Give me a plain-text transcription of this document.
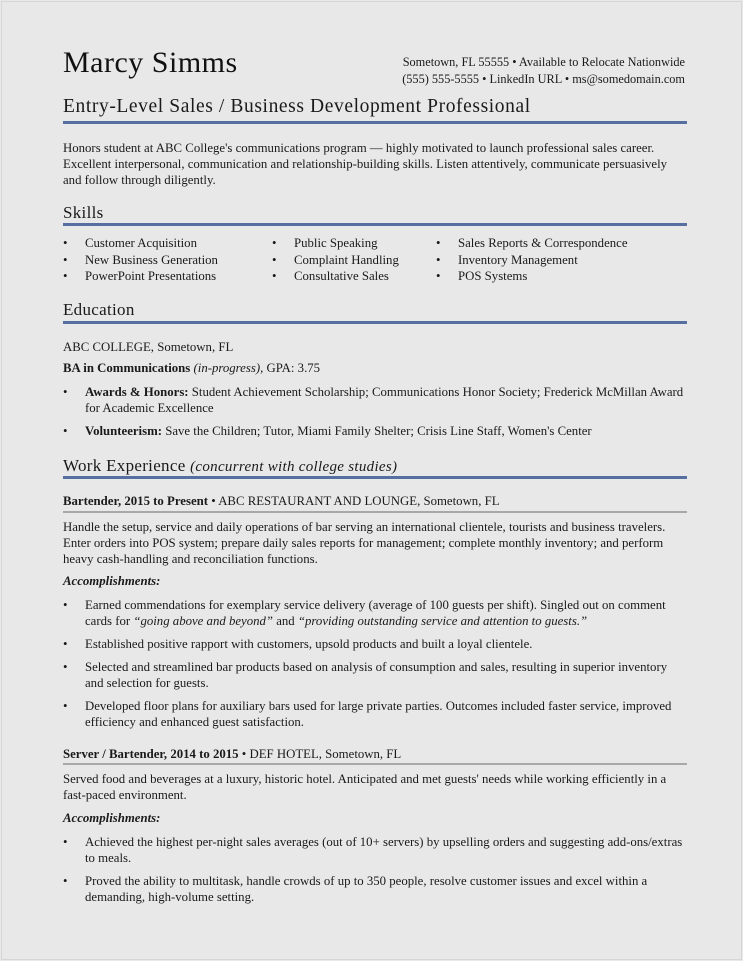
Marcy Simms	Sometown, FL 55555 • Available to Relocate Nationwide
(555) 555-5555 • LinkedIn URL • ms@somedomain.com
Entry-Level Sales / Business Development Professional
Honors student at ABC College's communications program — highly motivated to launch professional sales career. Excellent interpersonal, communication and relationship-building skills. Listen attentively, communicate persuasively and follow through diligently.
Skills
• Customer Acquisition
• New Business Generation
• PowerPoint Presentations
• Public Speaking
• Complaint Handling
• Consultative Sales
• Sales Reports & Correspondence
• Inventory Management
• POS Systems
Education
ABC COLLEGE, Sometown, FL
BA in Communications (in-progress), GPA: 3.75
• Awards & Honors: Student Achievement Scholarship; Communications Honor Society; Frederick McMillan Award for Academic Excellence
• Volunteerism: Save the Children; Tutor, Miami Family Shelter; Crisis Line Staff, Women's Center
Work Experience (concurrent with college studies)
Bartender, 2015 to Present • ABC RESTAURANT AND LOUNGE, Sometown, FL
Handle the setup, service and daily operations of bar serving an international clientele, tourists and business travelers. Enter orders into POS system; prepare daily sales reports for management; complete monthly inventory; and perform heavy cash-handling and reconciliation functions.
Accomplishments:
• Earned commendations for exemplary service delivery (average of 100 guests per shift). Singled out on comment cards for “going above and beyond” and “providing outstanding service and attention to guests.”
• Established positive rapport with customers, upsold products and built a loyal clientele.
• Selected and streamlined bar products based on analysis of consumption and sales, resulting in superior inventory and selection for guests.
• Developed floor plans for auxiliary bars used for large private parties. Outcomes included faster service, improved efficiency and enhanced guest satisfaction.
Server / Bartender, 2014 to 2015 • DEF HOTEL, Sometown, FL
Served food and beverages at a luxury, historic hotel. Anticipated and met guests' needs while working efficiently in a fast-paced environment.
Accomplishments:
• Achieved the highest per-night sales averages (out of 10+ servers) by upselling orders and suggesting add-ons/extras to meals.
• Proved the ability to multitask, handle crowds of up to 350 people, resolve customer issues and excel within a demanding, high-volume setting.
